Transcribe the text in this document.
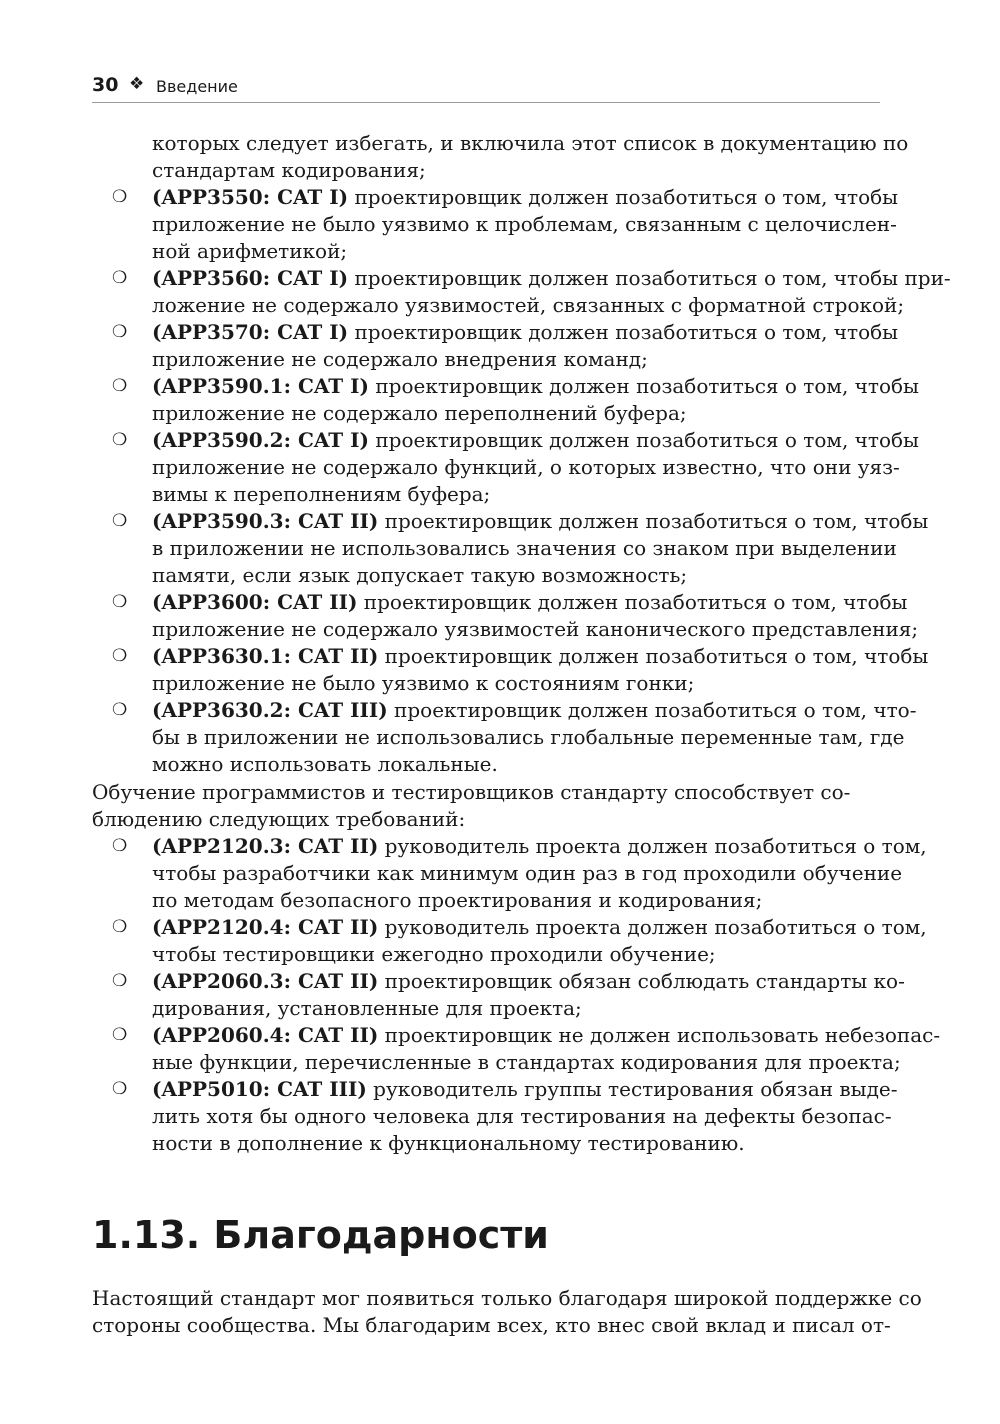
30 ❖ Введение
которых следует избегать, и включила этот список в документацию по
стандартам кодирования;
❍ (APP3550: CAT I) проектировщик должен позаботиться о том, чтобы
приложение не было уязвимо к проблемам, связанным с целочислен-
ной арифметикой;
❍ (APP3560: CAT I) проектировщик должен позаботиться о том, чтобы при-
ложение не содержало уязвимостей, связанных с форматной строкой;
❍ (APP3570: CAT I) проектировщик должен позаботиться о том, чтобы
приложение не содержало внедрения команд;
❍ (APP3590.1: CAT I) проектировщик должен позаботиться о том, чтобы
приложение не содержало переполнений буфера;
❍ (APP3590.2: CAT I) проектировщик должен позаботиться о том, чтобы
приложение не содержало функций, о которых известно, что они уяз-
вимы к переполнениям буфера;
❍ (APP3590.3: CAT II) проектировщик должен позаботиться о том, чтобы
в приложении не использовались значения со знаком при выделении
памяти, если язык допускает такую возможность;
❍ (APP3600: CAT II) проектировщик должен позаботиться о том, чтобы
приложение не содержало уязвимостей канонического представления;
❍ (APP3630.1: CAT II) проектировщик должен позаботиться о том, чтобы
приложение не было уязвимо к состояниям гонки;
❍ (APP3630.2: CAT III) проектировщик должен позаботиться о том, что-
бы в приложении не использовались глобальные переменные там, где
можно использовать локальные.
Обучение программистов и тестировщиков стандарту способствует со-
блюдению следующих требований:
❍ (APP2120.3: CAT II) руководитель проекта должен позаботиться о том,
чтобы разработчики как минимум один раз в год проходили обучение
по методам безопасного проектирования и кодирования;
❍ (APP2120.4: CAT II) руководитель проекта должен позаботиться о том,
чтобы тестировщики ежегодно проходили обучение;
❍ (APP2060.3: CAT II) проектировщик обязан соблюдать стандарты ко-
дирования, установленные для проекта;
❍ (APP2060.4: CAT II) проектировщик не должен использовать небезопас-
ные функции, перечисленные в стандартах кодирования для проекта;
❍ (APP5010: CAT III) руководитель группы тестирования обязан выде-
лить хотя бы одного человека для тестирования на дефекты безопас-
ности в дополнение к функциональному тестированию.
1.13. Благодарности
Настоящий стандарт мог появиться только благодаря широкой поддержке со
стороны сообщества. Мы благодарим всех, кто внес свой вклад и писал от-
